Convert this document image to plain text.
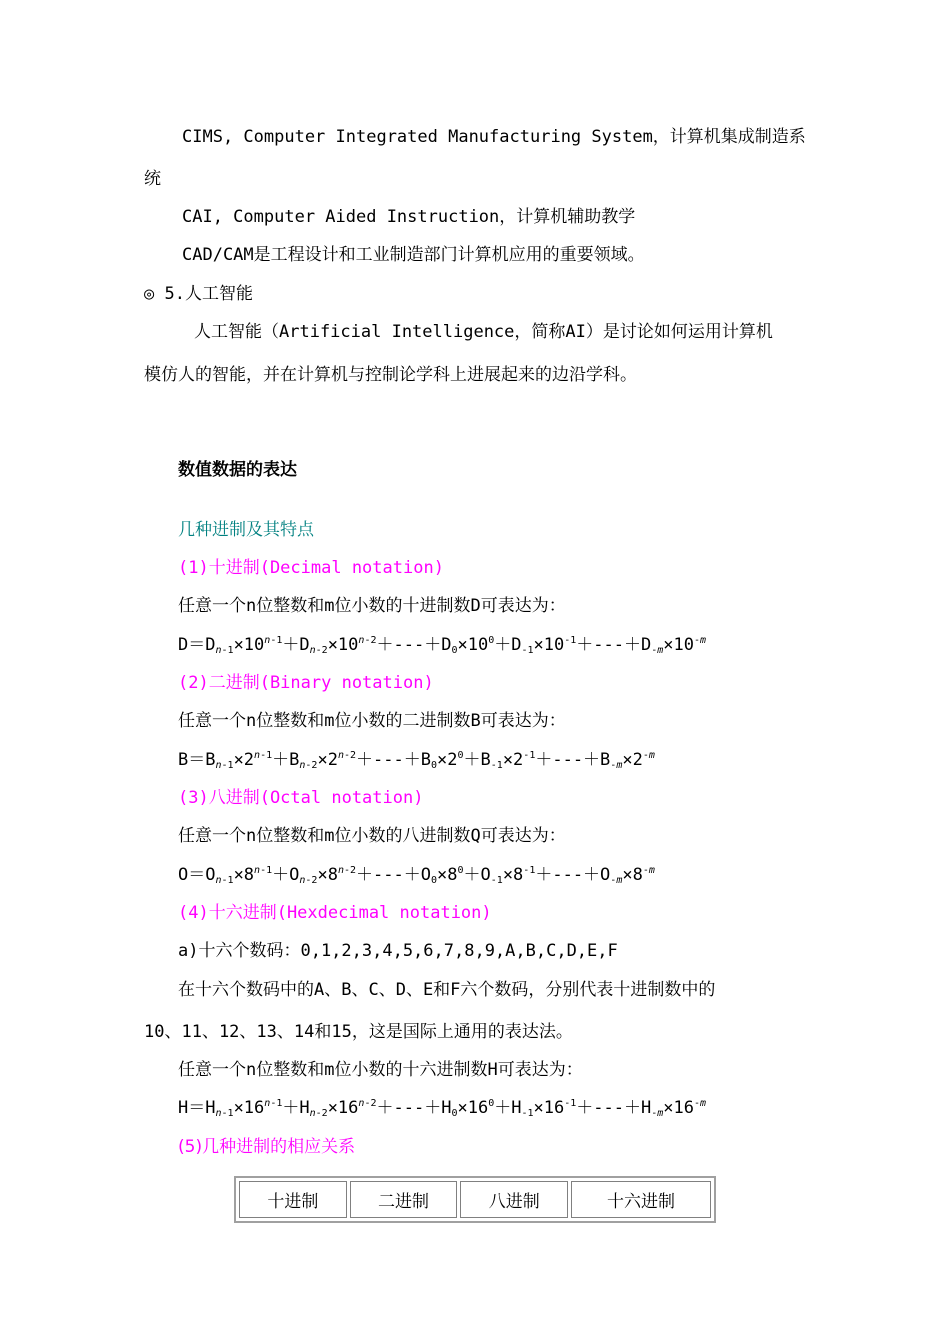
CIMS, Computer Integrated Manufacturing System，计算机集成制造系
统
CAI, Computer Aided Instruction，计算机辅助教学
CAD/CAM是工程设计和工业制造部门计算机应用的重要领域。
◎ 5.人工智能
人工智能（Artificial Intelligence，简称AI）是讨论如何运用计算机
模仿人的智能，并在计算机与控制论学科上进展起来的边沿学科。
数值数据的表达
几种进制及其特点
(1)十进制(Decimal notation)
任意一个n位整数和m位小数的十进制数D可表达为：
$D=D_{n-1}\times 10^{n-1}+D_{n-2}\times 10^{n-2}+---+D_0\times 10^0+D_{-1}\times 10^{-1}+---+D_{-m}\times 10^{-m}$
(2)二进制(Binary notation)
任意一个n位整数和m位小数的二进制数B可表达为：
$B=B_{n-1}\times 2^{n-1}+B_{n-2}\times 2^{n-2}+---+B_0\times 2^0+B_{-1}\times 2^{-1}+---+B_{-m}\times 2^{-m}$
(3)八进制(Octal notation)
任意一个n位整数和m位小数的八进制数Q可表达为：
$O=O_{n-1}\times 8^{n-1}+O_{n-2}\times 8^{n-2}+---+O_0\times 8^0+O_{-1}\times 8^{-1}+---+O_{-m}\times 8^{-m}$
(4)十六进制(Hexdecimal notation)
a)十六个数码：0,1,2,3,4,5,6,7,8,9,A,B,C,D,E,F
在十六个数码中的A、B、C、D、E和F六个数码，分别代表十进制数中的
10、11、12、13、14和15，这是国际上通用的表达法。
任意一个n位整数和m位小数的十六进制数H可表达为：
$H=H_{n-1}\times 16^{n-1}+H_{n-2}\times 16^{n-2}+---+H_0\times 16^0+H_{-1}\times 16^{-1}+---+H_{-m}\times 16^{-m}$
(5)几种进制的相应关系
十进制	二进制	八进制	十六进制
